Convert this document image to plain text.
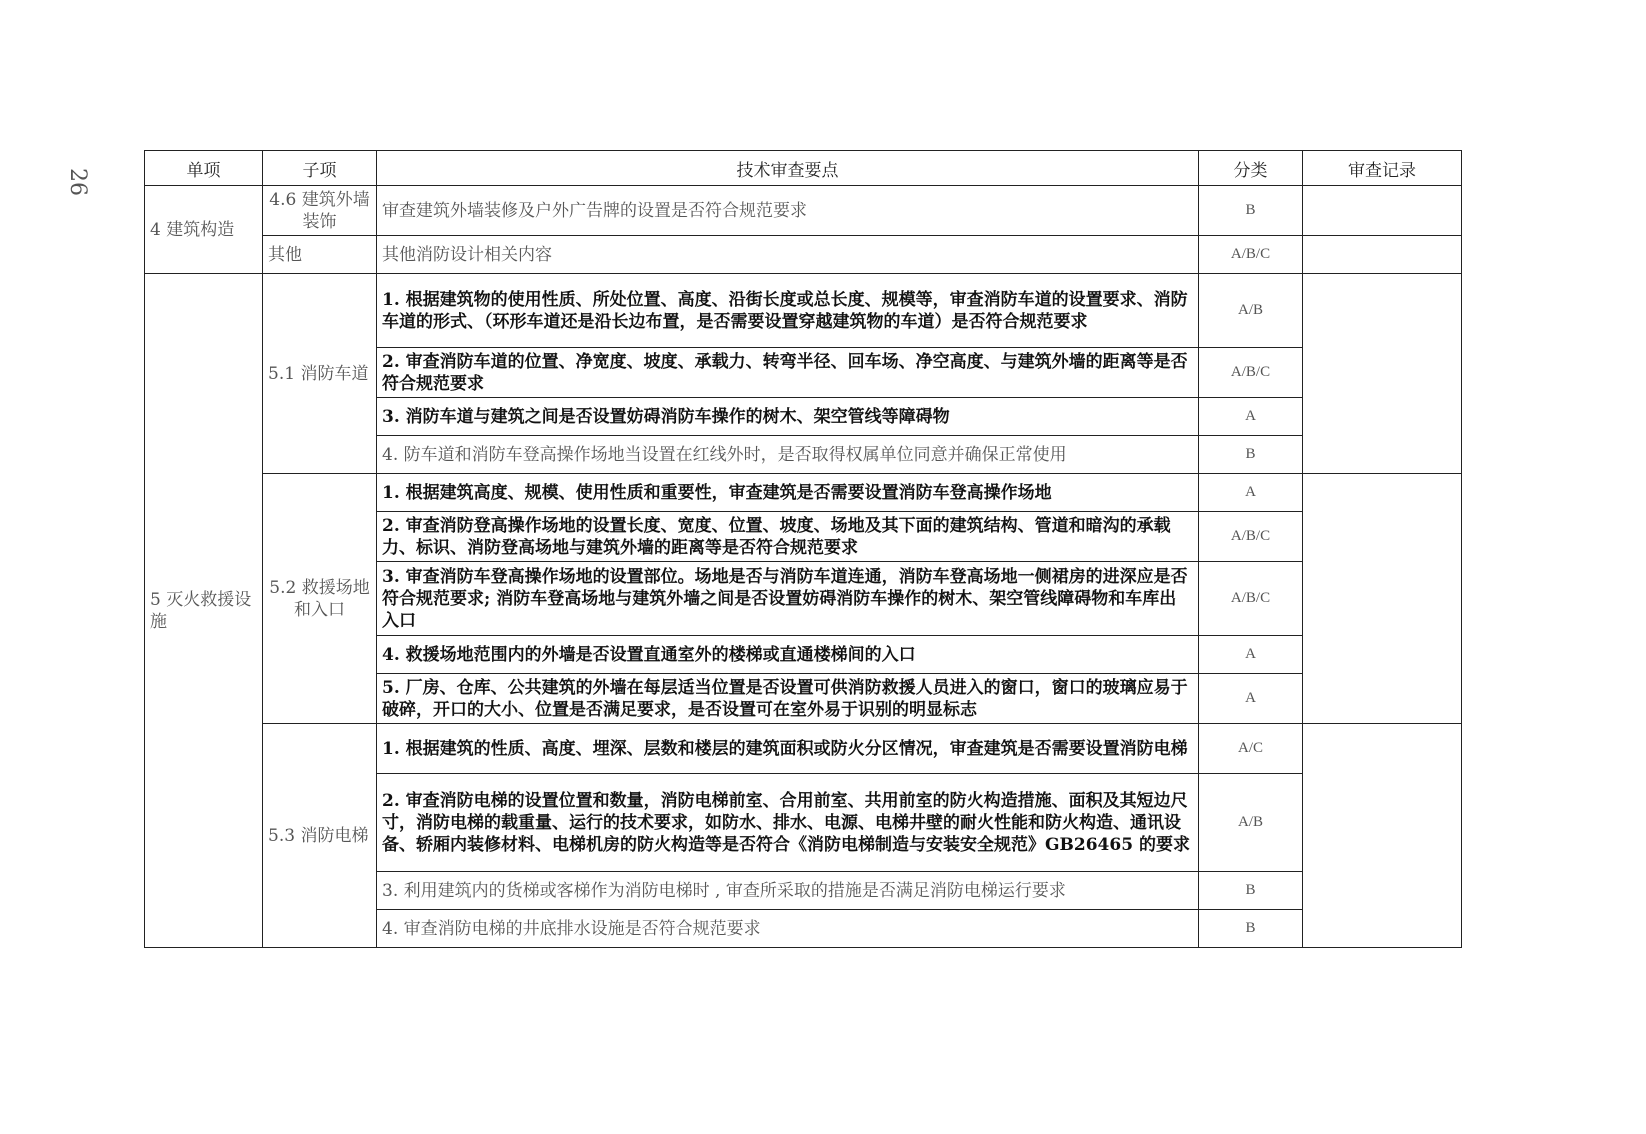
26	单项	子项	技术审查要点	分类	审查记录
4 建筑构造	4.6 建筑外墙装饰	审查建筑外墙装修及户外广告牌的设置是否符合规范要求	B	
	其他	其他消防设计相关内容	A/B/C	
5 灭火救援设施	5.1 消防车道	1. 根据建筑物的使用性质、所处位置、高度、沿街长度或总长度、规模等，审查消防车道的设置要求、消防车道的形式、（环形车道还是沿长边布置，是否需要设置穿越建筑物的车道）是否符合规范要求	A/B	
		2. 审查消防车道的位置、净宽度、坡度、承载力、转弯半径、回车场、净空高度、与建筑外墙的距离等是否符合规范要求	A/B/C	
		3. 消防车道与建筑之间是否设置妨碍消防车操作的树木、架空管线等障碍物	A	
		4. 防车道和消防车登高操作场地当设置在红线外时，是否取得权属单位同意并确保正常使用	B	
	5.2 救援场地和入口	1. 根据建筑高度、规模、使用性质和重要性，审查建筑是否需要设置消防车登高操作场地	A	
		2. 审查消防登高操作场地的设置长度、宽度、位置、坡度、场地及其下面的建筑结构、管道和暗沟的承载力、标识、消防登高场地与建筑外墙的距离等是否符合规范要求	A/B/C	
		3. 审查消防车登高操作场地的设置部位。场地是否与消防车道连通，消防车登高场地一侧裙房的进深应是否符合规范要求; 消防车登高场地与建筑外墙之间是否设置妨碍消防车操作的树木、架空管线障碍物和车库出入口	A/B/C	
		4. 救援场地范围内的外墙是否设置直通室外的楼梯或直通楼梯间的入口	A	
		5. 厂房、仓库、公共建筑的外墙在每层适当位置是否设置可供消防救援人员进入的窗口，窗口的玻璃应易于破碎，开口的大小、位置是否满足要求，是否设置可在室外易于识别的明显标志	A	
	5.3 消防电梯	1. 根据建筑的性质、高度、埋深、层数和楼层的建筑面积或防火分区情况，审查建筑是否需要设置消防电梯	A/C	
		2. 审查消防电梯的设置位置和数量，消防电梯前室、合用前室、共用前室的防火构造措施、面积及其短边尺寸，消防电梯的载重量、运行的技术要求，如防水、排水、电源、电梯井壁的耐火性能和防火构造、通讯设备、轿厢内装修材料、电梯机房的防火构造等是否符合《消防电梯制造与安装安全规范》GB26465 的要求	A/B	
		3. 利用建筑内的货梯或客梯作为消防电梯时 , 审查所采取的措施是否满足消防电梯运行要求	B	
		4. 审查消防电梯的井底排水设施是否符合规范要求	B	
